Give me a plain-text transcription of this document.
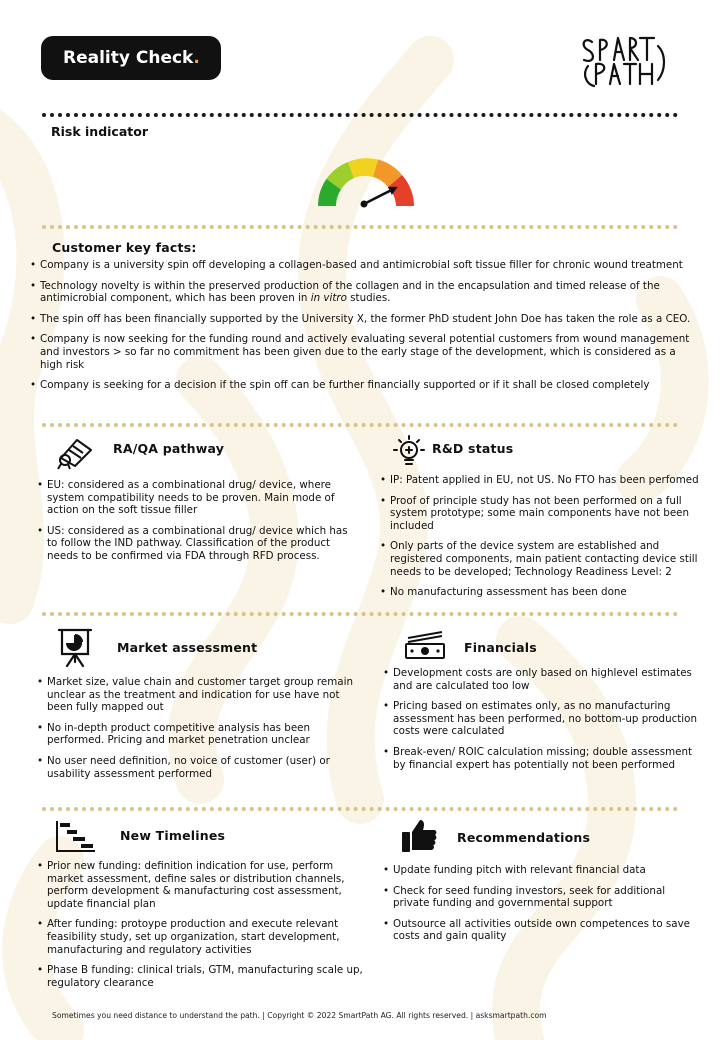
Reality Check.
Risk indicator
Customer key facts:
• Company is a university spin off developing a collagen-based and antimicrobial soft tissue filler for chronic wound treatment
• Technology novelty is within the preserved production of the collagen and in the encapsulation and timed release of the antimicrobial component, which has been proven in in vitro studies.
• The spin off has been financially supported by the University X, the former PhD student John Doe has taken the role as a CEO.
• Company is now seeking for the funding round and actively evaluating several potential customers from wound management and investors > so far no commitment has been given due to the early stage of the development, which is considered as a high risk
• Company is seeking for a decision if the spin off can be further financially supported or if it shall be closed completely
RA/QA pathway
• EU: considered as a combinational drug/ device, where system compatibility needs to be proven. Main mode of action on the soft tissue filler
• US: considered as a combinational drug/ device which has to follow the IND pathway. Classification of the product needs to be confirmed via FDA through RFD process.
R&D status
• IP: Patent applied in EU, not US. No FTO has been perfomed
• Proof of principle study has not been performed on a full system prototype; some main components have not been included
• Only parts of the device system are established and registered components, main patient contacting device still needs to be developed; Technology Readiness Level: 2
• No manufacturing assessment has been done
Market assessment
• Market size, value chain and customer target group remain unclear as the treatment and indication for use have not been fully mapped out
• No in-depth product competitive analysis has been performed. Pricing and market penetration unclear
• No user need definition, no voice of customer (user) or usability assessment performed
Financials
• Development costs are only based on highlevel estimates and are calculated too low
• Pricing based on estimates only, as no manufacturing assessment has been performed, no bottom-up production costs were calculated
• Break-even/ ROIC calculation missing; double assessment by financial expert has potentially not been performed
New Timelines
• Prior new funding: definition indication for use, perform market assessment, define sales or distribution channels, perform development & manufacturing cost assessment, update financial plan
• After funding: protoype production and execute relevant feasibility study, set up organization, start development, manufacturing and regulatory activities
• Phase B funding: clinical trials, GTM, manufacturing scale up, regulatory clearance
Recommendations
• Update funding pitch with relevant financial data
• Check for seed funding investors, seek for additional private funding and governmental support
• Outsource all activities outside own competences to save costs and gain quality
Sometimes you need distance to understand the path. | Copyright © 2022 SmartPath AG. All rights reserved. | asksmartpath.com
